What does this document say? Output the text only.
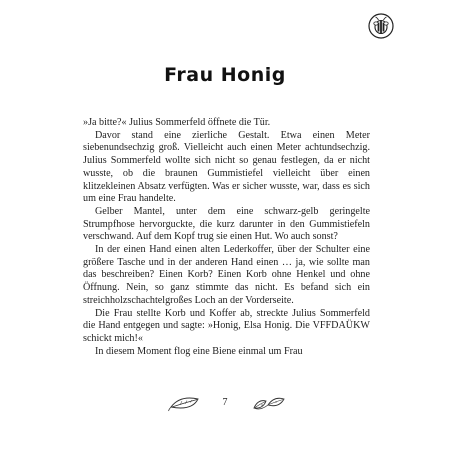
Frau Honig

»Ja bitte?« Julius Sommerfeld öffnete die Tür.

Davor stand eine zierliche Gestalt. Etwa einen Meter siebenundsechzig groß. Vielleicht auch einen Meter achtundsechzig. Julius Sommerfeld wollte sich nicht so genau festlegen, da er nicht wusste, ob die braunen Gummistiefel vielleicht über einen klitzekleinen Absatz verfügten. Was er sicher wusste, war, dass es sich um eine Frau handelte.

Gelber Mantel, unter dem eine schwarz-gelb geringelte Strumpfhose hervorguckte, die kurz darunter in den Gummistiefeln verschwand. Auf dem Kopf trug sie einen Hut. Wo auch sonst?

In der einen Hand einen alten Lederkoffer, über der Schulter eine größere Tasche und in der anderen Hand einen … ja, wie sollte man das beschreiben? Einen Korb? Einen Korb ohne Henkel und ohne Öffnung. Nein, so ganz stimmte das nicht. Es befand sich ein streichholzschachtelgroßes Loch an der Vorderseite.

Die Frau stellte Korb und Koffer ab, streckte Julius Sommerfeld die Hand entgegen und sagte: »Honig, Elsa Honig. Die VFFDAÜKW schickt mich!«

In diesem Moment flog eine Biene einmal um Frau

7
